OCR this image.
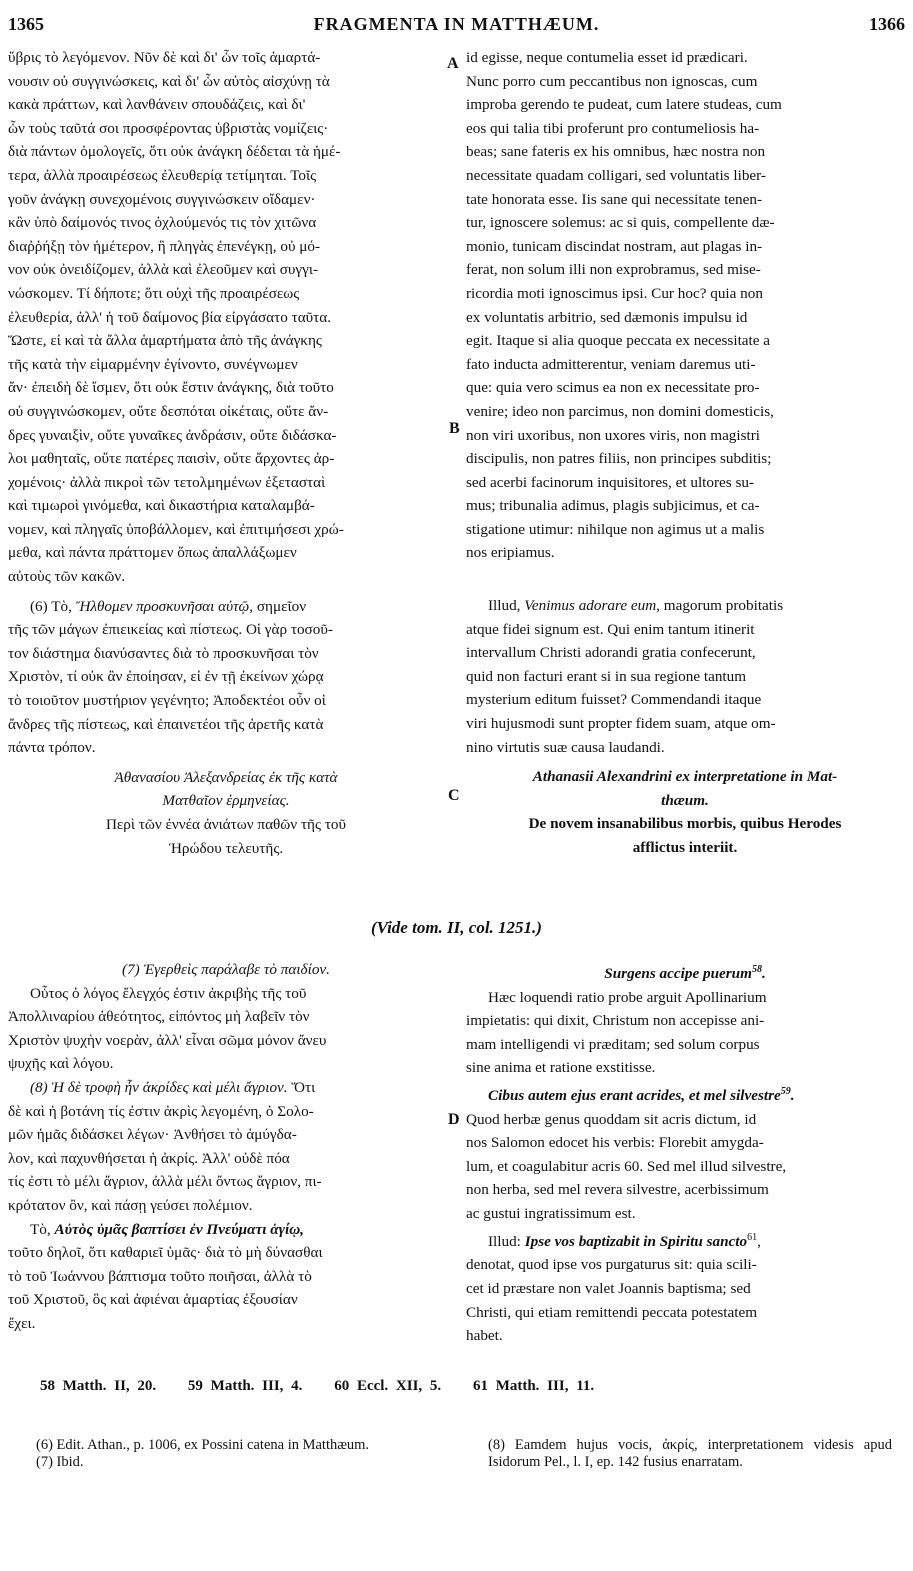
1365	FRAGMENTA IN MATTHÆUM.	1366
A
B
C
D

ὕβρις τὸ λεγόμενον. Νῦν δὲ καὶ δι' ὧν τοῖς ἁμαρτά-

νουσιν οὐ συγγινώσκεις, καὶ δι' ὧν αὐτὸς αἰσχύνῃ τὰ

κακὰ πράττων, καὶ λανθάνειν σπουδάζεις, καὶ δι'

ὧν τοὺς ταῦτά σοι προσφέροντας ὑβριστὰς νομίζεις·

διὰ πάντων ὁμολογεῖς, ὅτι οὐκ ἀνάγκη δέδεται τὰ ἡμέ-

τερα, ἀλλὰ προαιρέσεως ἐλευθερίᾳ τετίμηται. Τοῖς

γοῦν ἀνάγκῃ συνεχομένοις συγγινώσκειν οἴδαμεν·

κἂν ὑπὸ δαίμονός τινος ὀχλούμενός τις τὸν χιτῶνα

διαῤῥήξῃ τὸν ἡμέτερον, ἢ πληγὰς ἐπενέγκῃ, οὐ μό-

νον οὐκ ὀνειδίζομεν, ἀλλὰ καὶ ἐλεοῦμεν καὶ συγγι-

νώσκομεν. Τί δήποτε; ὅτι οὐχὶ τῆς προαιρέσεως

ἐλευθερία, ἀλλ' ἡ τοῦ δαίμονος βία εἰργάσατο ταῦτα.

Ὥστε, εἰ καὶ τὰ ἄλλα ἁμαρτήματα ἀπὸ τῆς ἀνάγκης

τῆς κατὰ τὴν εἱμαρμένην ἐγίνοντο, συνέγνωμεν

ἄν· ἐπειδὴ δὲ ἴσμεν, ὅτι οὐκ ἔστιν ἀνάγκης, διὰ τοῦτο

οὐ συγγινώσκομεν, οὔτε δεσπόται οἰκέταις, οὔτε ἄν-

δρες γυναιξὶν, οὔτε γυναῖκες ἀνδράσιν, οὔτε διδάσκα-

λοι μαθηταῖς, οὔτε πατέρες παισὶν, οὔτε ἄρχοντες ἀρ-

χομένοις· ἀλλὰ πικροὶ τῶν τετολμημένων ἐξετασταὶ

καὶ τιμωροὶ γινόμεθα, καὶ δικαστήρια καταλαμβά-

νομεν, καὶ πληγαῖς ὑποβάλλομεν, καὶ ἐπιτιμήσεσι χρώ-

μεθα, καὶ πάντα πράττομεν ὅπως ἀπαλλάξωμεν

αὐτοὺς τῶν κακῶν.

(6) Τὸ, Ἤλθομεν προσκυνῆσαι αὐτῷ, σημεῖον

τῆς τῶν μάγων ἐπιεικείας καὶ πίστεως. Οἱ γὰρ τοσοῦ-

τον διάστημα διανύσαντες διὰ τὸ προσκυνῆσαι τὸν

Χριστὸν, τί οὐκ ἂν ἐποίησαν, εἰ ἐν τῇ ἐκείνων χώρᾳ

τὸ τοιοῦτον μυστήριον γεγένητο; Ἀποδεκτέοι οὖν οἱ

ἄνδρες τῆς πίστεως, καὶ ἐπαινετέοι τῆς ἀρετῆς κατὰ

πάντα τρόπον.

Ἀθανασίου Ἀλεξανδρείας ἐκ τῆς κατὰ

Ματθαῖον ἑρμηνείας.

Περὶ τῶν ἐννέα ἀνιάτων παθῶν τῆς τοῦ

Ἡρώδου τελευτῆς.

id egisse, neque contumelia esset id prædicari.

Nunc porro cum peccantibus non ignoscas, cum

improba gerendo te pudeat, cum latere studeas, cum

eos qui talia tibi proferunt pro contumeliosis ha-

beas; sane fateris ex his omnibus, hæc nostra non

necessitate quadam colligari, sed voluntatis liber-

tate honorata esse. Iis sane qui necessitate tenen-

tur, ignoscere solemus: ac si quis, compellente dæ-

monio, tunicam discindat nostram, aut plagas in-

ferat, non solum illi non exprobramus, sed mise-

ricordia moti ignoscimus ipsi. Cur hoc? quia non

ex voluntatis arbitrio, sed dæmonis impulsu id

egit. Itaque si alia quoque peccata ex necessitate a

fato inducta admitterentur, veniam daremus uti-

que: quia vero scimus ea non ex necessitate pro-

venire; ideo non parcimus, non domini domesticis,

non viri uxoribus, non uxores viris, non magistri

discipulis, non patres filiis, non principes subditis;

sed acerbi facinorum inquisitores, et ultores su-

mus; tribunalia adimus, plagis subjicimus, et ca-

stigatione utimur: nihilque non agimus ut a malis

nos eripiamus.

Illud, Venimus adorare eum, magorum probitatis

atque fidei signum est. Qui enim tantum itinerit

intervallum Christi adorandi gratia confecerunt,

quid non facturi erant si in sua regione tantum

mysterium editum fuisset? Commendandi itaque

viri hujusmodi sunt propter fidem suam, atque om-

nino virtutis suæ causa laudandi.

Athanasii Alexandrini ex interpretatione in Mat-

thæum.

De novem insanabilibus morbis, quibus Herodes

afflictus interiit.

(Vide tom. II, col. 1251.)

(7) Ἐγερθεὶς παράλαβε τὸ παιδίον.

Οὗτος ὁ λόγος ἔλεγχός ἐστιν ἀκριβὴς τῆς τοῦ

Ἀπολλιναρίου ἀθεότητος, εἰπόντος μὴ λαβεῖν τὸν

Χριστὸν ψυχὴν νοερὰν, ἀλλ' εἶναι σῶμα μόνον ἄνευ

ψυχῆς καὶ λόγου.

(8) Ἡ δὲ τροφὴ ἦν ἀκρίδες καὶ μέλι ἄγριον. Ὅτι

δὲ καὶ ἡ βοτάνη τίς ἐστιν ἀκρὶς λεγομένη, ὁ Σολο-

μῶν ἡμᾶς διδάσκει λέγων· Ἀνθήσει τὸ ἀμύγδα-

λον, καὶ παχυνθήσεται ἡ ἀκρίς. Ἀλλ' οὐδὲ πόα

τίς ἐστι τὸ μέλι ἄγριον, ἀλλὰ μέλι ὄντως ἄγριον, πι-

κρότατον ὂν, καὶ πάσῃ γεύσει πολέμιον.

Τὸ, Αὐτὸς ὑμᾶς βαπτίσει ἐν Πνεύματι ἁγίῳ,

τοῦτο δηλοῖ, ὅτι καθαριεῖ ὑμᾶς· διὰ τὸ μὴ δύνασθαι

τὸ τοῦ Ἰωάννου βάπτισμα τοῦτο ποιῆσαι, ἀλλὰ τὸ

τοῦ Χριστοῦ, ὃς καὶ ἀφιέναι ἁμαρτίας ἐξουσίαν

ἔχει.

Surgens accipe puerum$^{58}$.

Hæc loquendi ratio probe arguit Apollinarium

impietatis: qui dixit, Christum non accepisse ani-

mam intelligendi vi præditam; sed solum corpus

sine anima et ratione exstitisse.

Cibus autem ejus erant acrides, et mel silvestre$^{59}$.

Quod herbæ genus quoddam sit acris dictum, id

nos Salomon edocet his verbis: Florebit amygda-

lum, et coagulabitur acris 60. Sed mel illud silvestre,

non herba, sed mel revera silvestre, acerbissimum

ac gustui ingratissimum est.

Illud: Ipse vos baptizabit in Spiritu sancto$^{61}$,

denotat, quod ipse vos purgaturus sit: quia scili-

cet id præstare non valet Joannis baptisma; sed

Christi, qui etiam remittendi peccata potestatem

habet.

58 Matth. II, 20. 59 Matth. III, 4. 60 Eccl. XII, 5. 61 Matth. III, 11.
(6) Edit. Athan., p. 1006, ex Possini catena in Matthæum.
(7) Ibid.
(8) Eamdem hujus vocis, ἀκρίς, interpretationem videsis apud Isidorum Pel., l. I, ep. 142 fusius enarratam.
